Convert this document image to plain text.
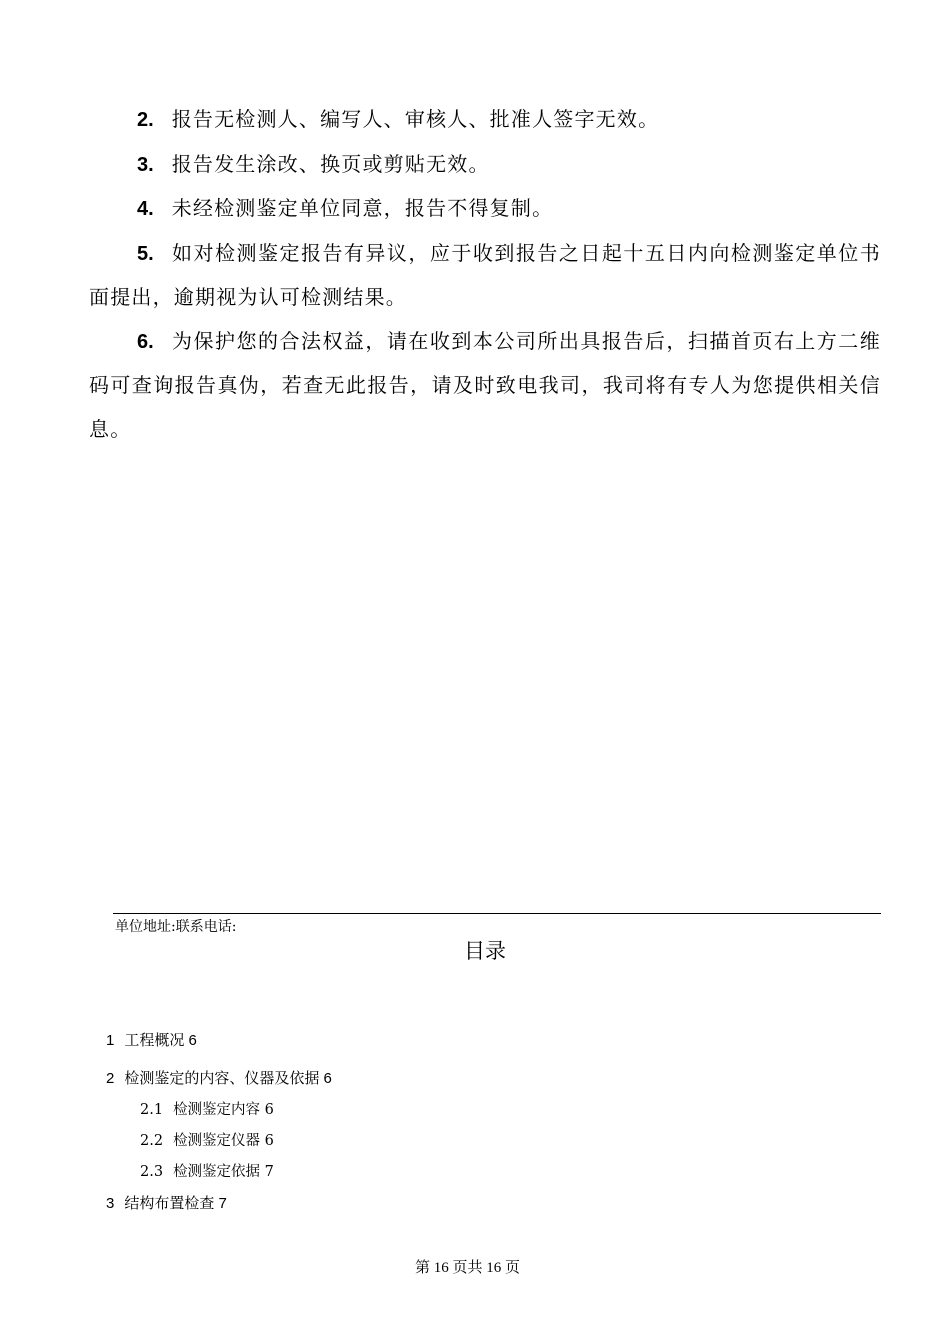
2. 报告无检测人、编写人、审核人、批准人签字无效。

3. 报告发生涂改、换页或剪贴无效。

4. 未经检测鉴定单位同意，报告不得复制。

5. 如对检测鉴定报告有异议，应于收到报告之日起十五日内向检测鉴定单位书面提出，逾期视为认可检测结果。

6. 为保护您的合法权益，请在收到本公司所出具报告后，扫描首页右上方二维码可查询报告真伪，若查无此报告，请及时致电我司，我司将有专人为您提供相关信息。

单位地址:联系电话:
目录
1 工程概况 6
2 检测鉴定的内容、仪器及依据 6
2.1 检测鉴定内容 6
2.2 检测鉴定仪器 6
2.3 检测鉴定依据 7
3 结构布置检查 7
第 16 页共 16 页
